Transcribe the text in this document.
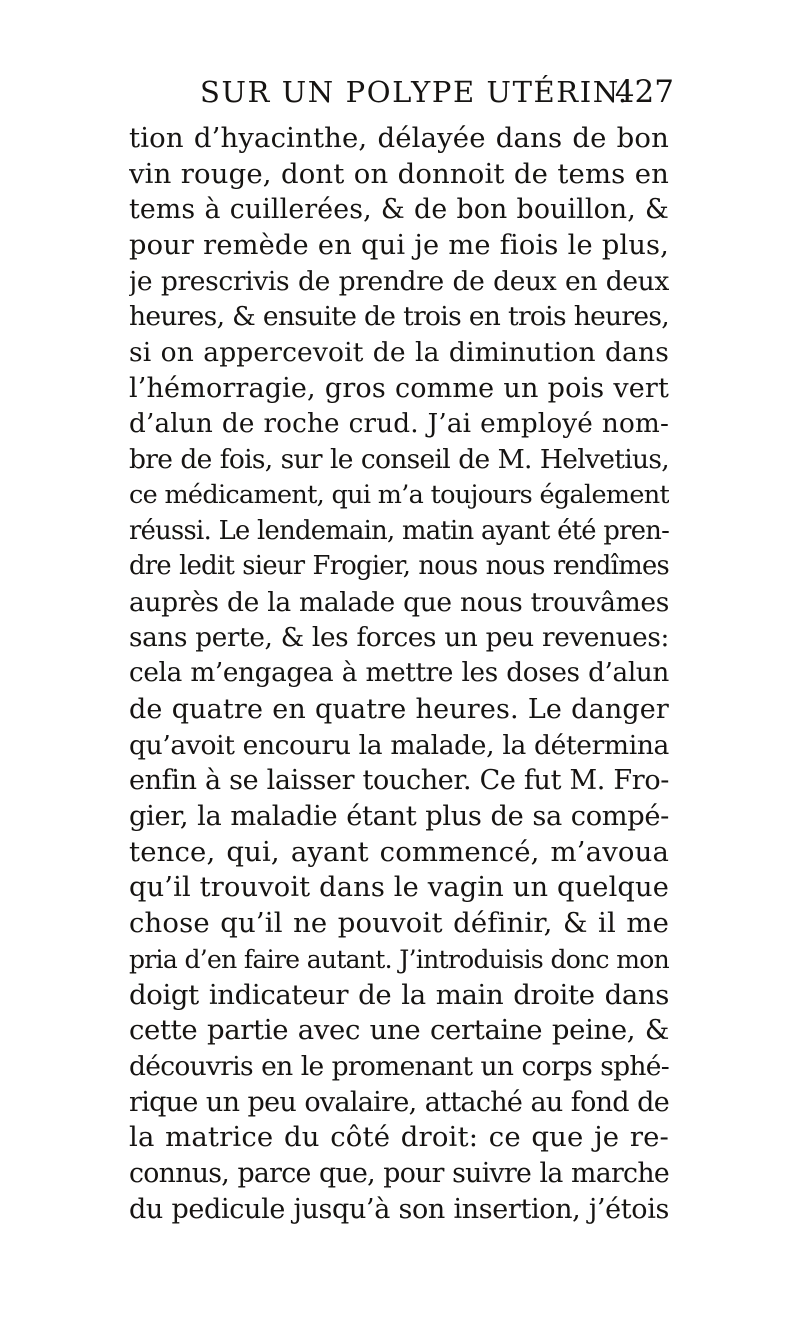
SUR UN POLYPE UTÉRIN.
427
tion d’hyacinthe, délayée dans de bon
vin rouge, dont on donnoit de tems en
tems à cuillerées, & de bon bouillon, &
pour remède en qui je me fiois le plus,
je prescrivis de prendre de deux en deux
heures, & ensuite de trois en trois heures,
si on appercevoit de la diminution dans
l’hémorragie, gros comme un pois vert
d’alun de roche crud. J’ai employé nom-
bre de fois, sur le conseil de M. Helvetius,
ce médicament, qui m’a toujours également
réussi. Le lendemain, matin ayant été pren-
dre ledit sieur Frogier, nous nous rendîmes
auprès de la malade que nous trouvâmes
sans perte, & les forces un peu revenues:
cela m’engagea à mettre les doses d’alun
de quatre en quatre heures. Le danger
qu’avoit encouru la malade, la détermina
enfin à se laisser toucher. Ce fut M. Fro-
gier, la maladie étant plus de sa compé-
tence, qui, ayant commencé, m’avoua
qu’il trouvoit dans le vagin un quelque
chose qu’il ne pouvoit définir, & il me
pria d’en faire autant. J’introduisis donc mon
doigt indicateur de la main droite dans
cette partie avec une certaine peine, &
découvris en le promenant un corps sphé-
rique un peu ovalaire, attaché au fond de
la matrice du côté droit: ce que je re-
connus, parce que, pour suivre la marche
du pedicule jusqu’à son insertion, j’étois
